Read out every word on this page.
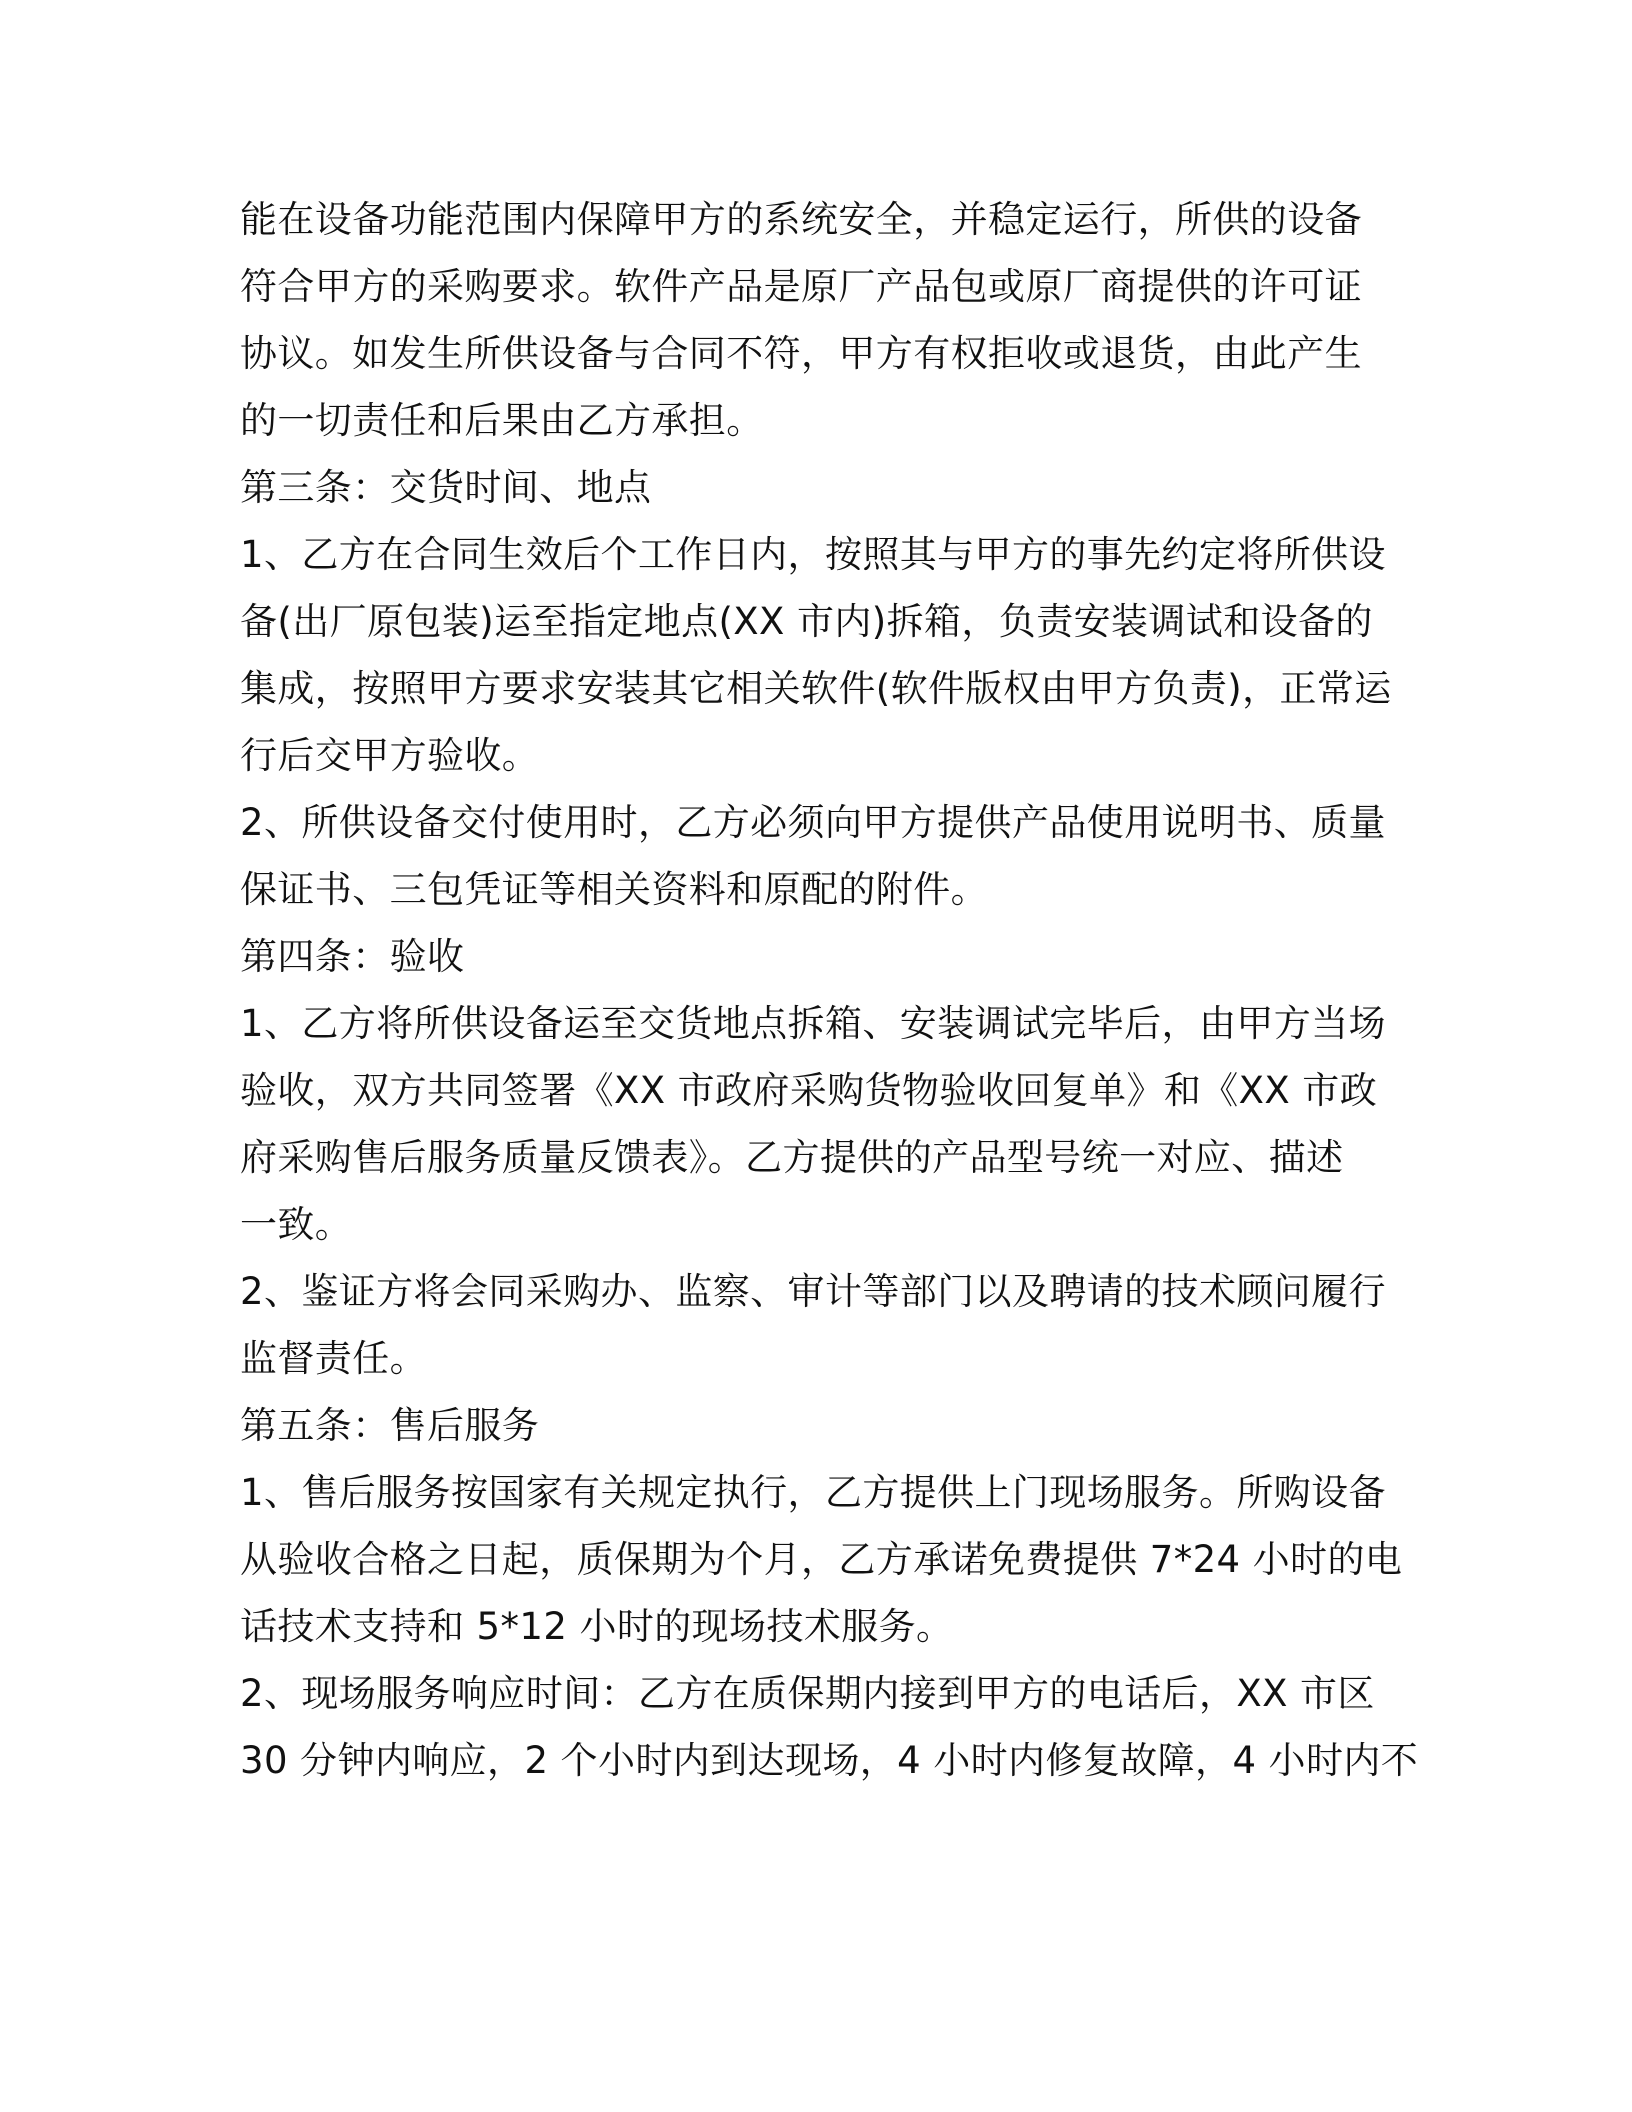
能在设备功能范围内保障甲方的系统安全，并稳定运行，所供的设备
符合甲方的采购要求。软件产品是原厂产品包或原厂商提供的许可证
协议。如发生所供设备与合同不符，甲方有权拒收或退货，由此产生
的一切责任和后果由乙方承担。
第三条：交货时间、地点
1、乙方在合同生效后个工作日内，按照其与甲方的事先约定将所供设
备(出厂原包装)运至指定地点(XX 市内)拆箱，负责安装调试和设备的
集成，按照甲方要求安装其它相关软件(软件版权由甲方负责)，正常运
行后交甲方验收。
2、所供设备交付使用时，乙方必须向甲方提供产品使用说明书、质量
保证书、三包凭证等相关资料和原配的附件。
第四条：验收
1、乙方将所供设备运至交货地点拆箱、安装调试完毕后，由甲方当场
验收，双方共同签署《XX 市政府采购货物验收回复单》和《XX 市政
府采购售后服务质量反馈表》。乙方提供的产品型号统一对应、描述
一致。
2、鉴证方将会同采购办、监察、审计等部门以及聘请的技术顾问履行
监督责任。
第五条：售后服务
1、售后服务按国家有关规定执行，乙方提供上门现场服务。所购设备
从验收合格之日起，质保期为个月，乙方承诺免费提供 7*24 小时的电
话技术支持和 5*12 小时的现场技术服务。
2、现场服务响应时间：乙方在质保期内接到甲方的电话后，XX 市区
30 分钟内响应，2 个小时内到达现场，4 小时内修复故障，4 小时内不
